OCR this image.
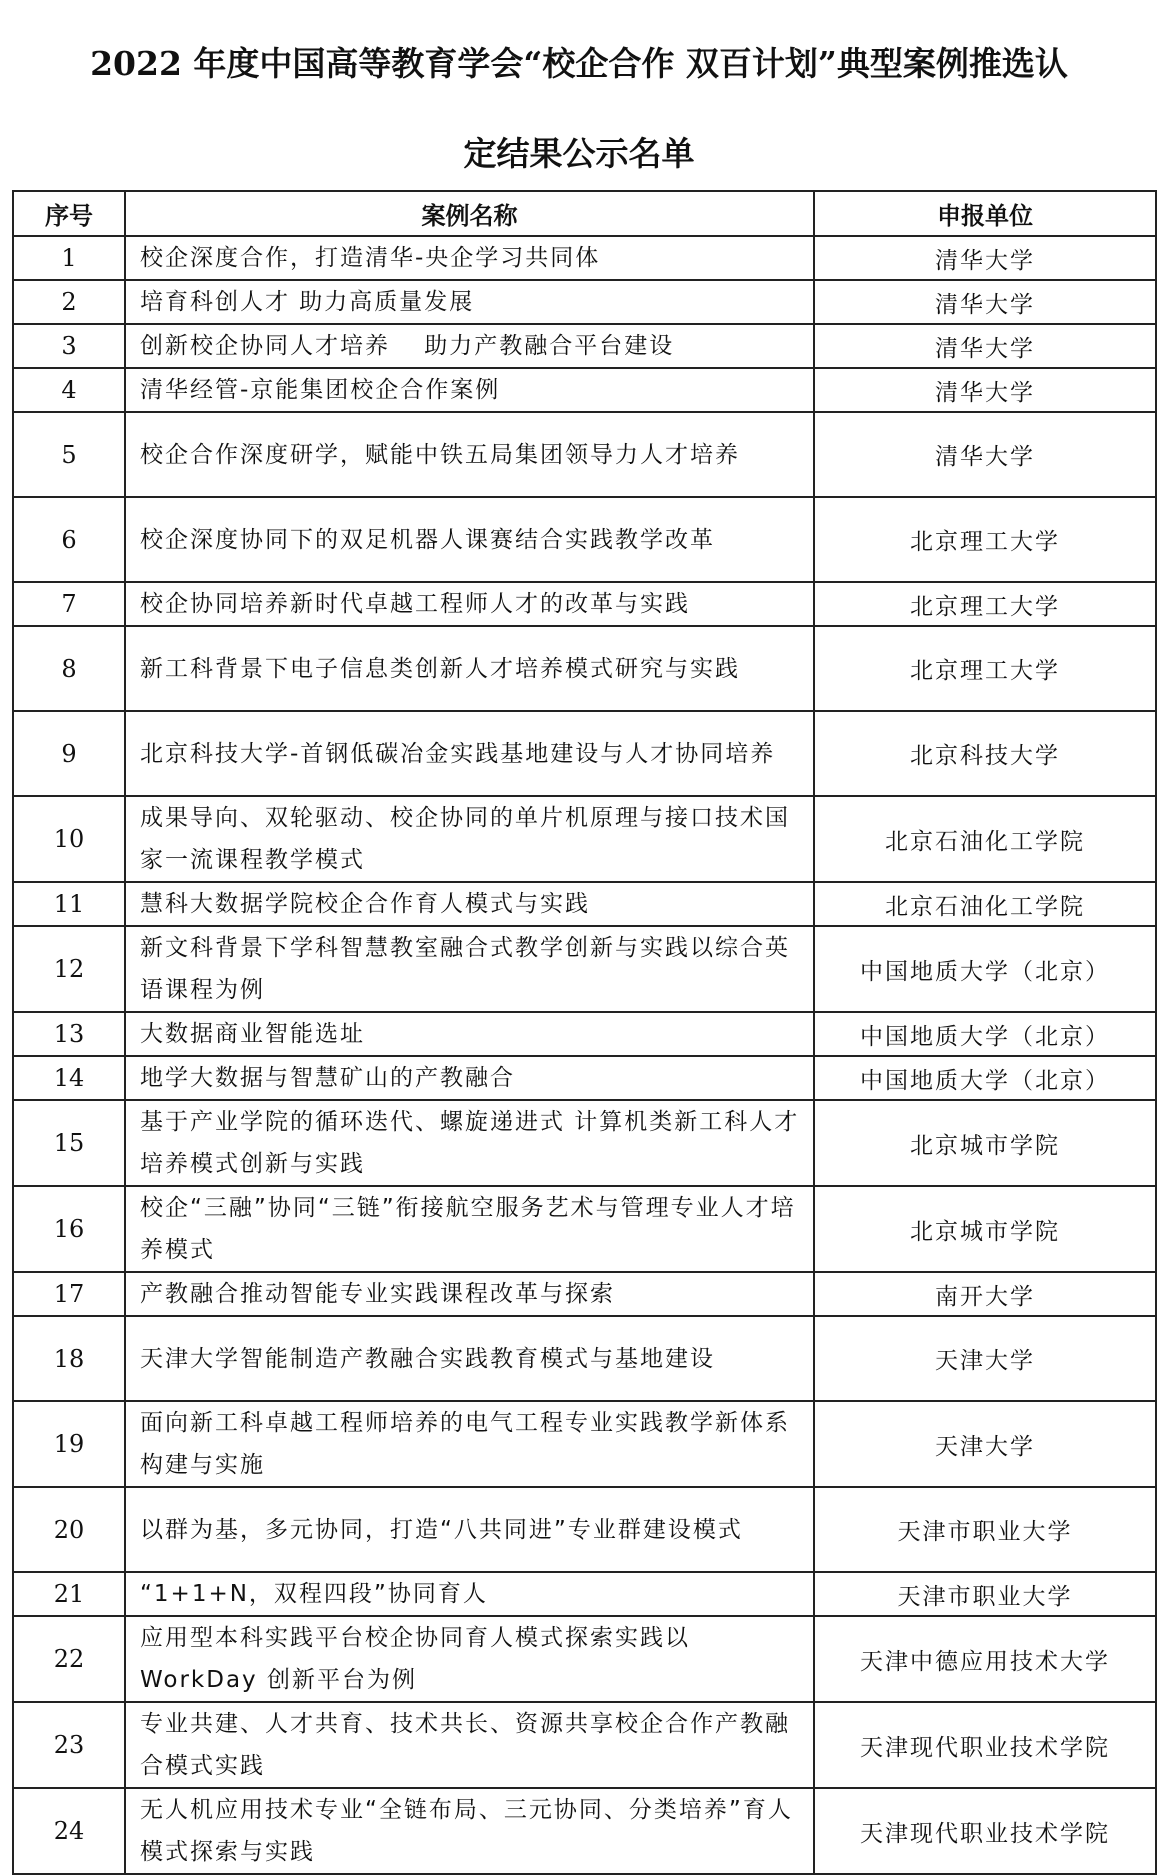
2022 年度中国高等教育学会“校企合作 双百计划”典型案例推选认
定结果公示名单
序号	案例名称	申报单位
1	校企深度合作，打造清华-央企学习共同体	清华大学
2	培育科创人才 助力高质量发展	清华大学
3	创新校企协同人才培养　 助力产教融合平台建设	清华大学
4	清华经管-京能集团校企合作案例	清华大学
5	校企合作深度研学，赋能中铁五局集团领导力人才培养	清华大学
6	校企深度协同下的双足机器人课赛结合实践教学改革	北京理工大学
7	校企协同培养新时代卓越工程师人才的改革与实践	北京理工大学
8	新工科背景下电子信息类创新人才培养模式研究与实践	北京理工大学
9	北京科技大学-首钢低碳冶金实践基地建设与人才协同培养	北京科技大学
10	成果导向、双轮驱动、校企协同的单片机原理与接口技术国家一流课程教学模式	北京石油化工学院
11	慧科大数据学院校企合作育人模式与实践	北京石油化工学院
12	新文科背景下学科智慧教室融合式教学创新与实践以综合英语课程为例	中国地质大学（北京）
13	大数据商业智能选址	中国地质大学（北京）
14	地学大数据与智慧矿山的产教融合	中国地质大学（北京）
15	基于产业学院的循环迭代、螺旋递进式 计算机类新工科人才培养模式创新与实践	北京城市学院
16	校企“三融”协同“三链”衔接航空服务艺术与管理专业人才培养模式	北京城市学院
17	产教融合推动智能专业实践课程改革与探索	南开大学
18	天津大学智能制造产教融合实践教育模式与基地建设	天津大学
19	面向新工科卓越工程师培养的电气工程专业实践教学新体系构建与实施	天津大学
20	以群为基，多元协同，打造“八共同进”专业群建设模式	天津市职业大学
21	“1+1+N，双程四段”协同育人	天津市职业大学
22	应用型本科实践平台校企协同育人模式探索实践以WorkDay 创新平台为例	天津中德应用技术大学
23	专业共建、人才共育、技术共长、资源共享校企合作产教融合模式实践	天津现代职业技术学院
24	无人机应用技术专业“全链布局、三元协同、分类培养”育人模式探索与实践	天津现代职业技术学院
